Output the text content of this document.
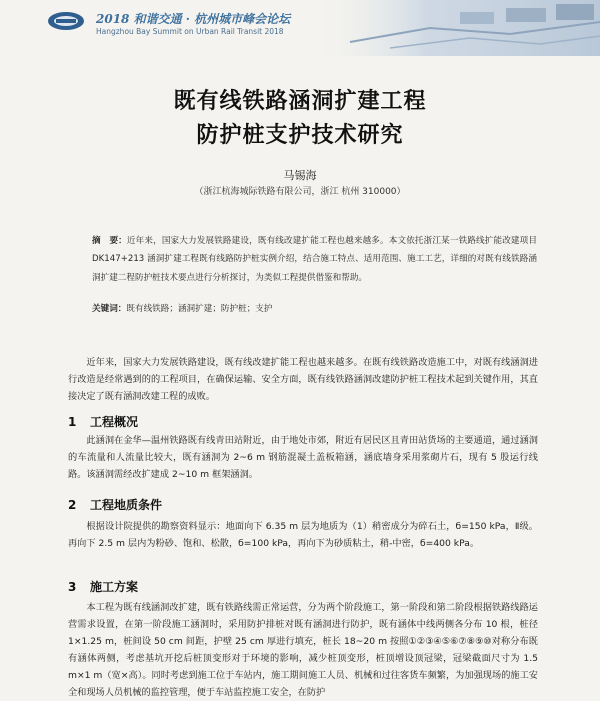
2018 和谐交通 · 杭州城市峰会论坛
Hangzhou Bay Summit on Urban Rail Transit 2018
既有线铁路涵洞扩建工程
防护桩支护技术研究
马锡海
（浙江杭海城际铁路有限公司，浙江 杭州 310000）
摘　要：近年来，国家大力发展铁路建设，既有线改建扩能工程也越来越多。本文依托浙江某一铁路线扩能改建项目 DK147+213 涵洞扩建工程既有线路防护桩实例介绍，结合施工特点、适用范围、施工工艺，详细的对既有线铁路涵洞扩建二程防护桩技术要点进行分析探讨，为类似工程提供借鉴和帮助。
关键词：既有线铁路；涵洞扩建；防护桩；支护
近年来，国家大力发展铁路建设，既有线改建扩能工程也越来越多。在既有线铁路改造施工中，对既有线涵洞进行改造是经常遇到的的工程项目，在确保运输、安全方面，既有线铁路涵洞改建防护桩工程技术起到关键作用，其直接决定了既有涵洞改建工程的成败。
1 工程概况
此涵洞在金华—温州铁路既有线青田站附近，由于地处市郊，附近有居民区且青田站货场的主要通道，通过涵洞的车流量和人流量比较大，既有涵洞为 2~6 m 钢筋混凝土盖板箱涵，涵底墙身采用浆砌片石，现有 5 股运行线路。该涵洞需经改扩建成 2~10 m 框架涵洞。
2 工程地质条件
根据设计院提供的勘察资料显示：地面向下 6.35 m 层为地质为（1）稍密成分为碎石土，б=150 kPa，Ⅱ级。再向下 2.5 m 层内为粉砂、饱和、松散，б=100 kPa，再向下为砂质粘土，稍-中密，б=400 kPa。
3 施工方案
本工程为既有线涵洞改扩建，既有铁路线需正常运营，分为两个阶段施工，第一阶段和第二阶段根据铁路线路运营需求设置，在第一阶段施工涵洞时，采用防护排桩对既有涵洞进行防护，既有涵体中线两侧各分布 10 根，桩径 1×1.25 m，桩间设 50 cm 间距，护壁 25 cm 厚进行填充，桩长 18~20 m 按照①②③④⑤⑥⑦⑧⑨⑩对称分布既有涵体两侧，考虑基坑开挖后桩顶变形对于环境的影响，减少桩顶变形，桩顶增设顶冠梁，冠梁截面尺寸为 1.5 m×1 m（宽×高）。同时考虑到施工位于车站内，施工期间施工人员、机械和过往客货车频繁，为加强现场的施工安全和现场人员机械的监控管理，便于车站监控施工安全，在防护
